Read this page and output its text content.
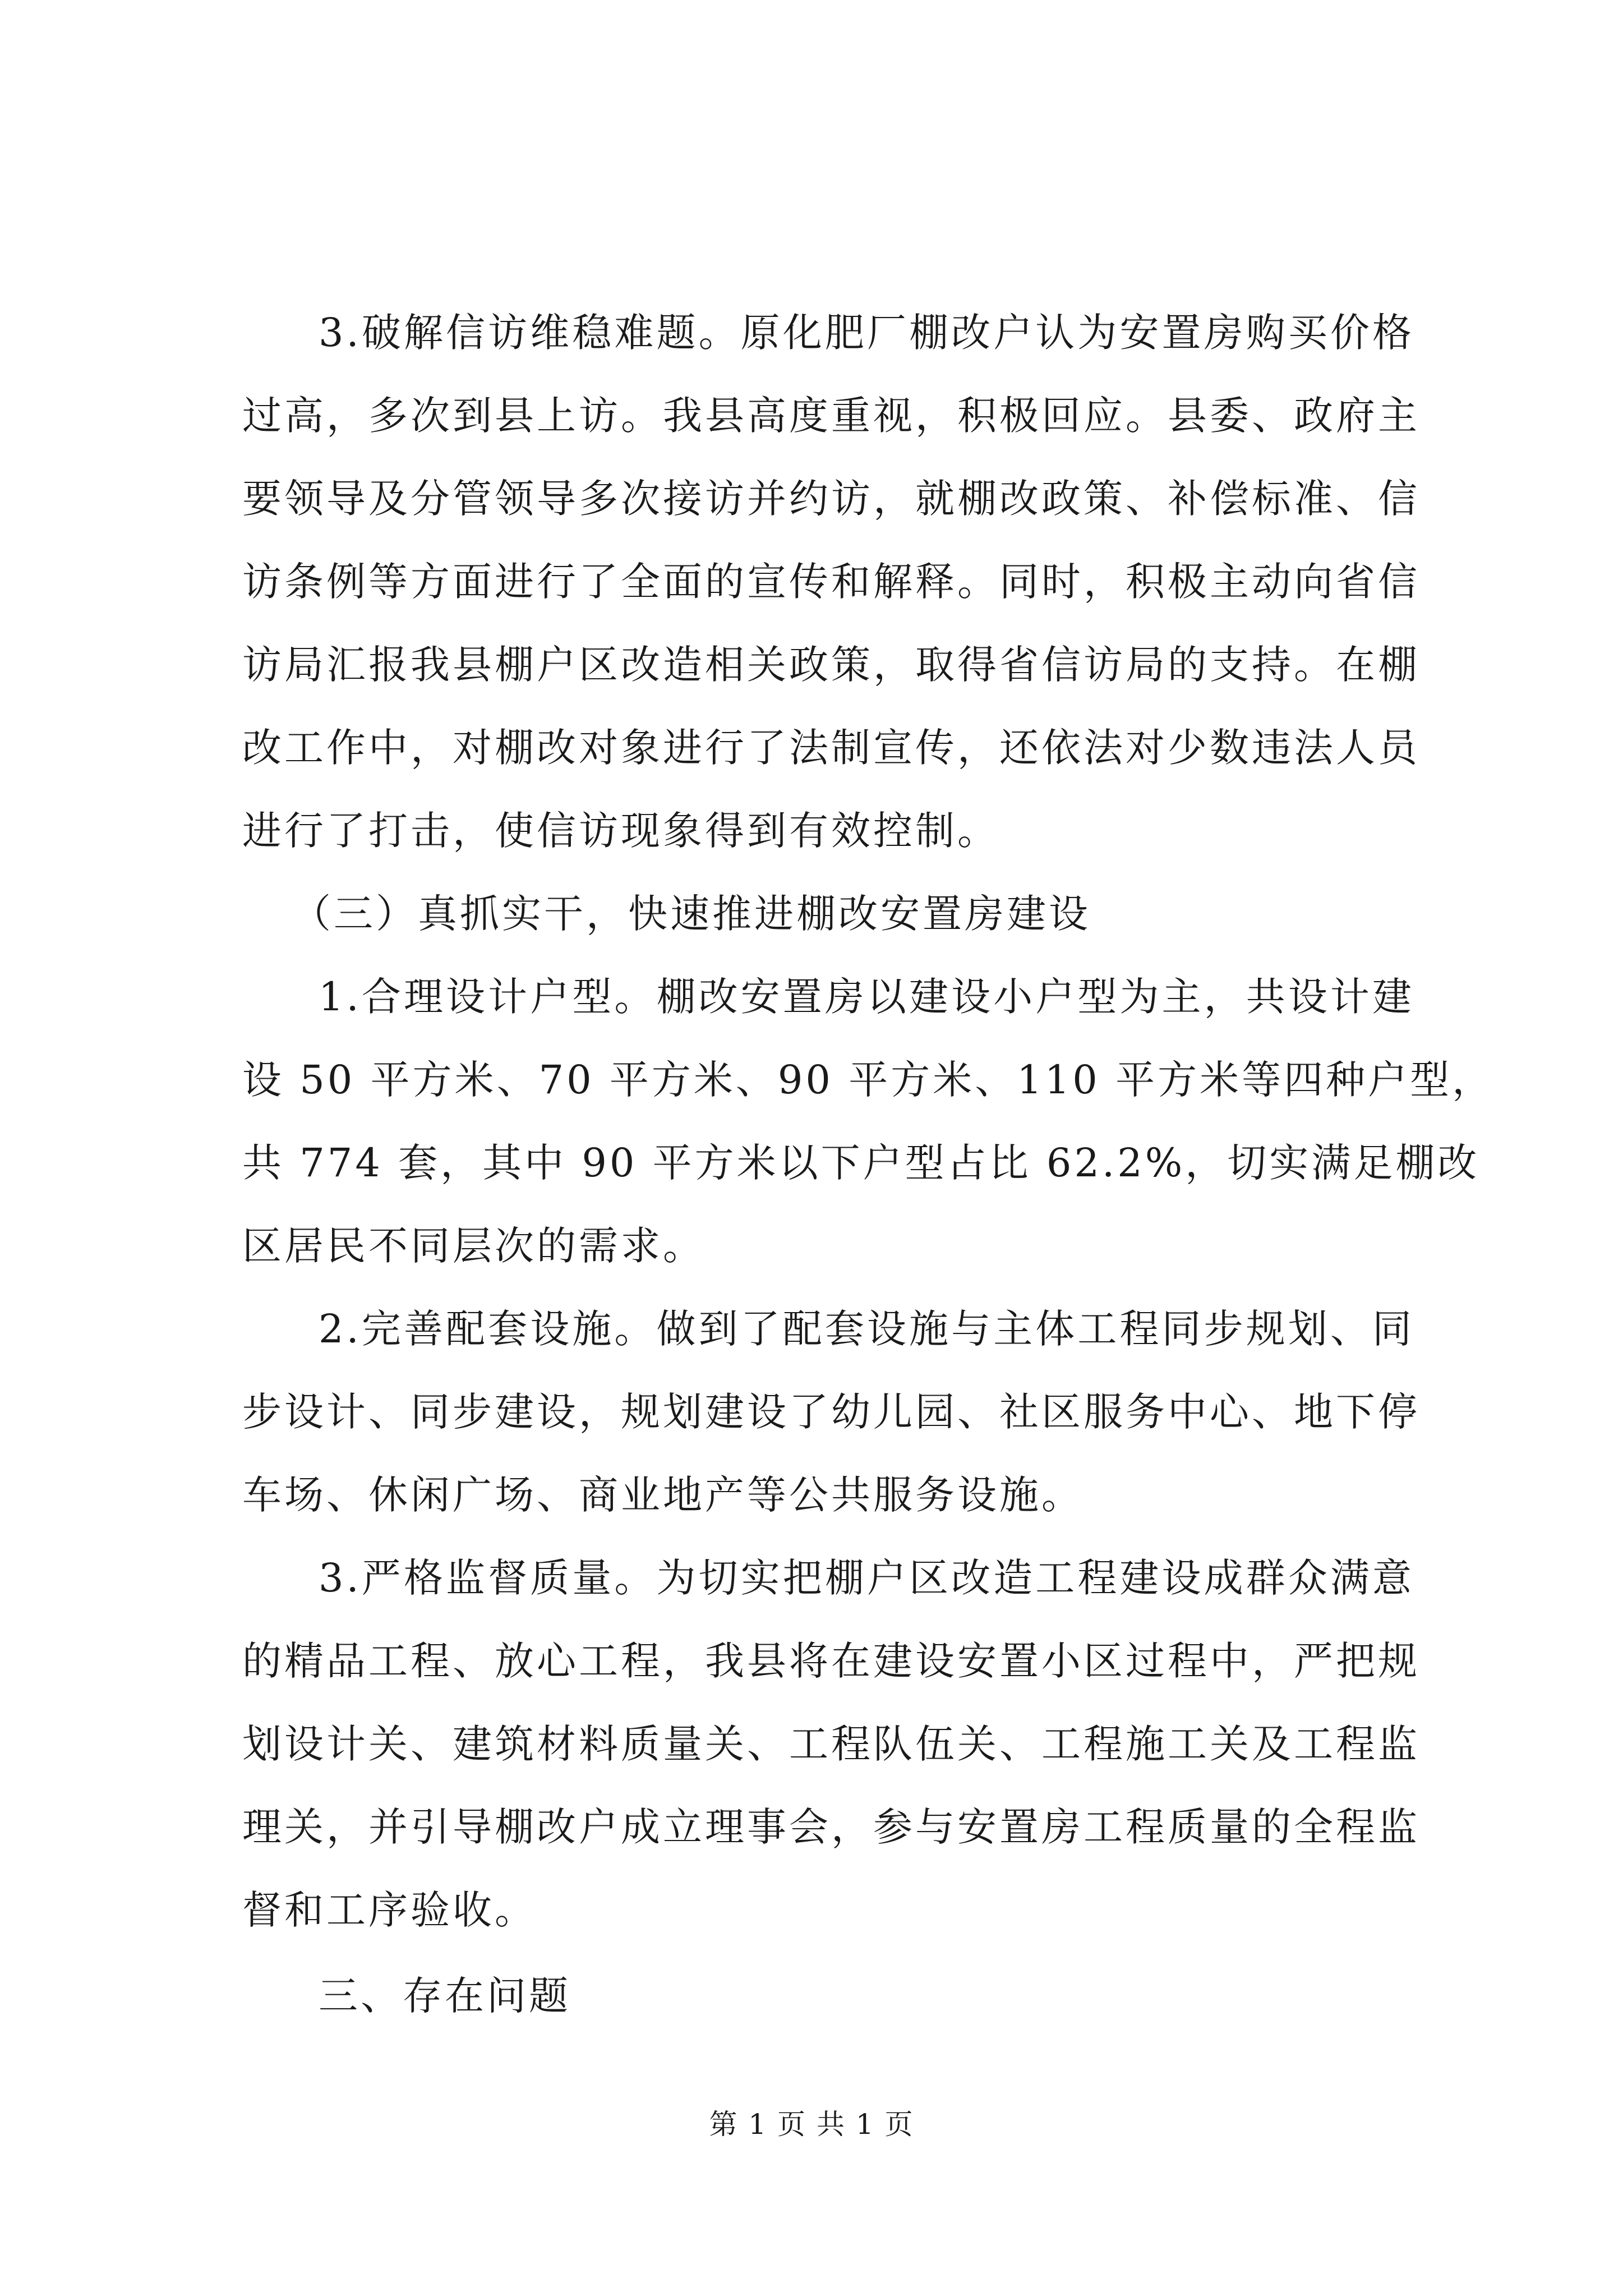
3.破解信访维稳难题。原化肥厂棚改户认为安置房购买价格
过高，多次到县上访。我县高度重视，积极回应。县委、政府主
要领导及分管领导多次接访并约访，就棚改政策、补偿标准、信
访条例等方面进行了全面的宣传和解释。同时，积极主动向省信
访局汇报我县棚户区改造相关政策，取得省信访局的支持。在棚
改工作中，对棚改对象进行了法制宣传，还依法对少数违法人员
进行了打击，使信访现象得到有效控制。
（三）真抓实干，快速推进棚改安置房建设
1.合理设计户型。棚改安置房以建设小户型为主，共设计建
设 50 平方米、70 平方米、90 平方米、110 平方米等四种户型，
共 774 套，其中 90 平方米以下户型占比 62.2%，切实满足棚改
区居民不同层次的需求。
2.完善配套设施。做到了配套设施与主体工程同步规划、同
步设计、同步建设，规划建设了幼儿园、社区服务中心、地下停
车场、休闲广场、商业地产等公共服务设施。
3.严格监督质量。为切实把棚户区改造工程建设成群众满意
的精品工程、放心工程，我县将在建设安置小区过程中，严把规
划设计关、建筑材料质量关、工程队伍关、工程施工关及工程监
理关，并引导棚改户成立理事会，参与安置房工程质量的全程监
督和工序验收。
三、存在问题
第 1 页 共 1 页
